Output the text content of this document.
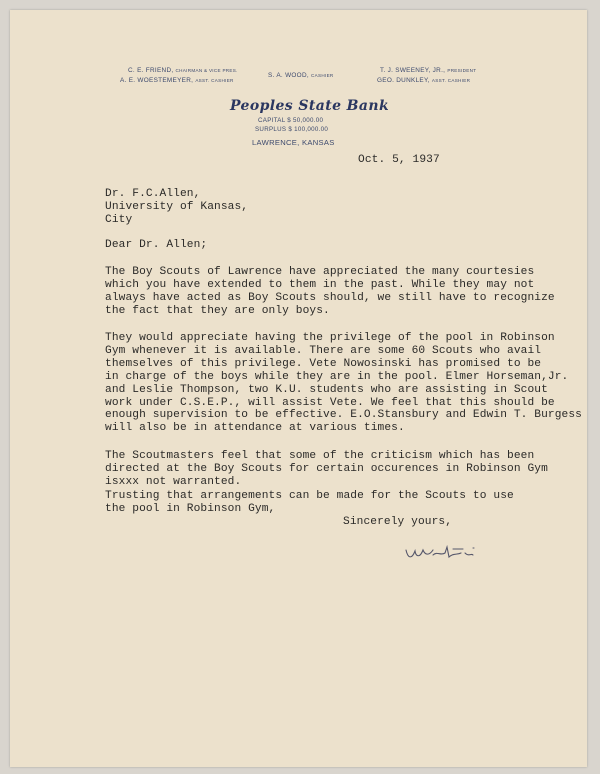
C. E. FRIEND, CHAIRMAN & VICE PRES.
A. E. WOESTEMEYER, ASST. CASHIER
S. A. WOOD, CASHIER
T. J. SWEENEY, JR., PRESIDENT
GEO. DUNKLEY, ASST. CASHIER
Peoples State Bank
CAPITAL $ 50,000.00
SURPLUS $ 100,000.00
LAWRENCE, KANSAS
Oct. 5, 1937
Dr. F.C.Allen,
University of Kansas,
City
Dear Dr. Allen;
The Boy Scouts of Lawrence have appreciated the many courtesies
which you have extended to them in the past. While they may not
always have acted as Boy Scouts should, we still have to recognize
the fact that they are only boys.
They would appreciate having the privilege of the pool in Robinson
Gym whenever it is available. There are some 60 Scouts who avail
themselves of this privilege. Vete Nowosinski has promised to be
in charge of the boys while they are in the pool. Elmer Horseman,Jr.
and Leslie Thompson, two K.U. students who are assisting in Scout
work under C.S.E.P., will assist Vete. We feel that this should be
enough supervision to be effective. E.O.Stansbury and Edwin T. Burgess
will also be in attendance at various times.
The Scoutmasters feel that some of the criticism which has been
directed at the Boy Scouts for certain occurences in Robinson Gym
isxxx not warranted.
Trusting that arrangements can be made for the Scouts to use
the pool in Robinson Gym,
Sincerely yours,
